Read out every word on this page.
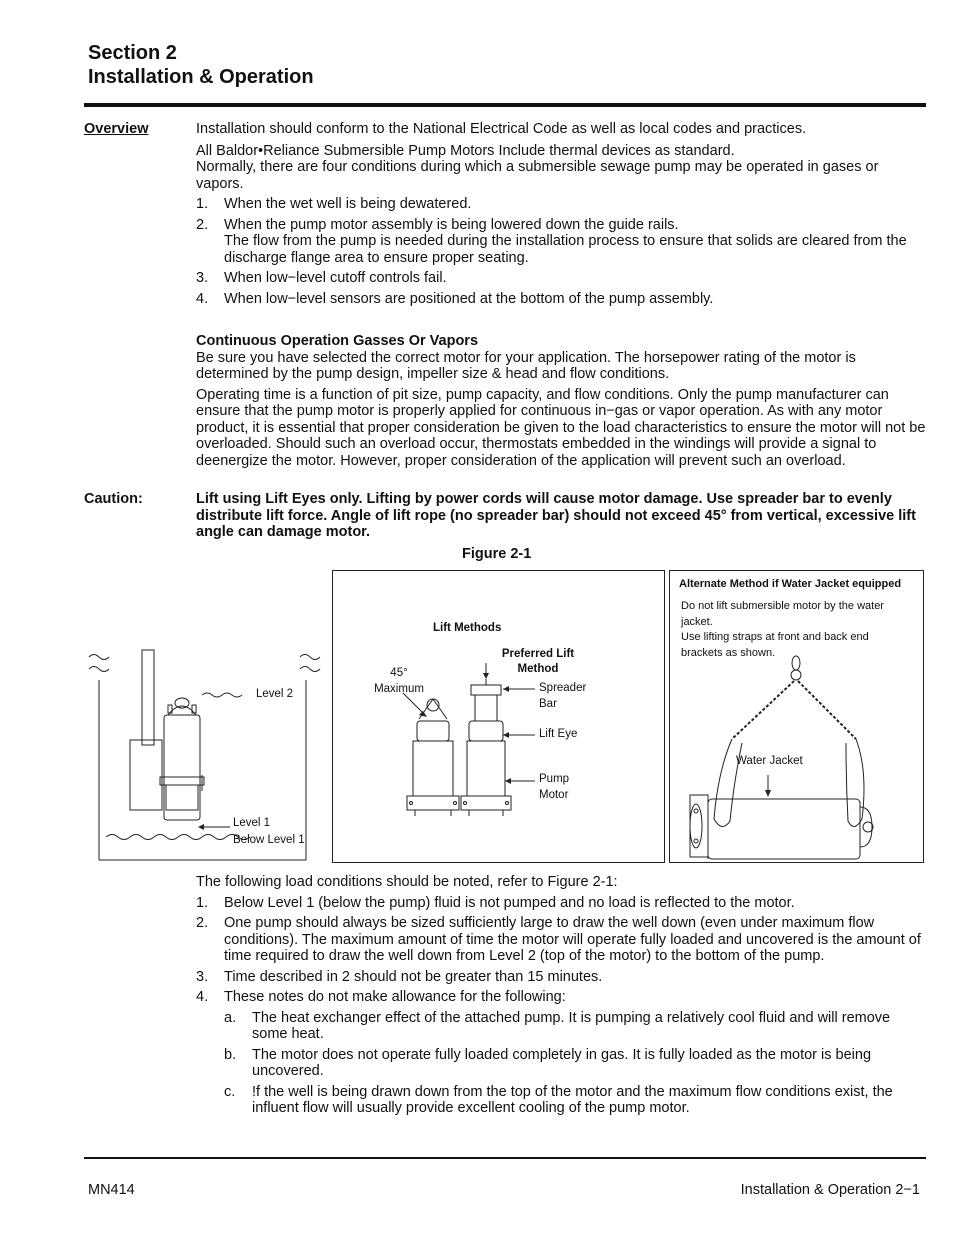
Section 2
Installation & Operation
Overview	Installation should conform to the National Electrical Code as well as local codes and practices.

All Baldor•Reliance Submersible Pump Motors Include thermal devices as standard.

Normally, there are four conditions during which a submersible sewage pump may be operated in gases or vapors.

1. When the wet well is being dewatered.
2. When the pump motor assembly is being lowered down the guide rails.
The flow from the pump is needed during the installation process to ensure that solids are cleared from the discharge flange area to ensure proper seating.
3. When low−level cutoff controls fail.
4. When low−level sensors are positioned at the bottom of the pump assembly.
Continuous Operation Gasses Or Vapors

Be sure you have selected the correct motor for your application. The horsepower rating of the motor is determined by the pump design, impeller size & head and flow conditions.

Operating time is a function of pit size, pump capacity, and flow conditions. Only the pump manufacturer can ensure that the pump motor is properly applied for continuous in−gas or vapor operation. As with any motor product, it is essential that proper consideration be given to the load characteristics to ensure the motor will not be overloaded. Should such an overload occur, thermostats embedded in the windings will provide a signal to deenergize the motor. However, proper consideration of the application will prevent such an overload.

Caution:	Lift using Lift Eyes only. Lifting by power cords will cause motor damage. Use spreader bar to evenly distribute lift force. Angle of lift rope (no spreader bar) should not exceed 45° from vertical, excessive lift angle can damage motor.
Figure 2-1
Level 2
Level 1
Below Level 1
Lift Methods
Preferred Lift
Method
45°
Maximum	Spreader
Bar
Lift Eye
Pump
Motor
Alternate Method if Water Jacket equipped
Do not lift submersible motor by the water
jacket.
Use lifting straps at front and back end
brackets as shown.
Water Jacket

The following load conditions should be noted, refer to Figure 2-1:

1. Below Level 1 (below the pump) fluid is not pumped and no load is reflected to the motor.
2. One pump should always be sized sufficiently large to draw the well down (even under maximum flow conditions). The maximum amount of time the motor will operate fully loaded and uncovered is the amount of time required to draw the well down from Level 2 (top of the motor) to the bottom of the pump.
3. Time described in 2 should not be greater than 15 minutes.
4. These notes do not make allowance for the following:
a. The heat exchanger effect of the attached pump. It is pumping a relatively cool fluid and will remove some heat.
b. The motor does not operate fully loaded completely in gas. It is fully loaded as the motor is being uncovered.
c. !f the well is being drawn down from the top of the motor and the maximum flow conditions exist, the influent flow will usually provide excellent cooling of the pump motor.
MN414	Installation & Operation 2−1
